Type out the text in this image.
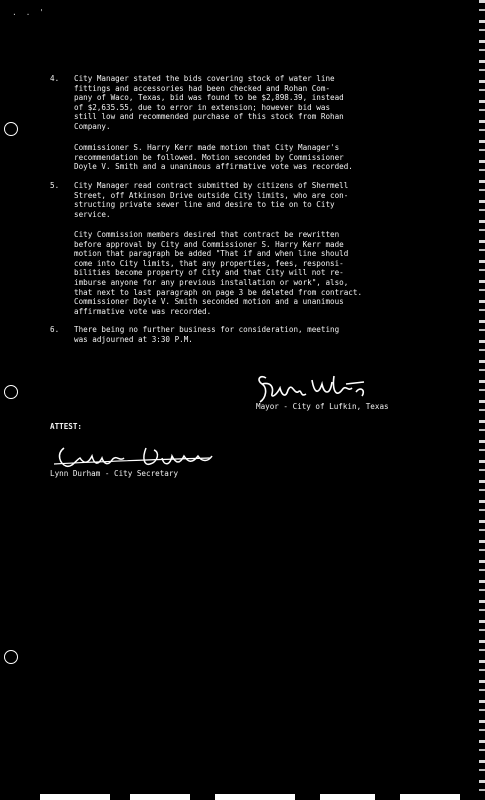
. . '
4. City Manager stated the bids covering stock of water line
fittings and accessories had been checked and Rohan Com-
pany of Waco, Texas, bid was found to be $2,898.39, instead
of $2,635.55, due to error in extension; however bid was
still low and recommended purchase of this stock from Rohan
Company.
Commissioner S. Harry Kerr made motion that City Manager's
recommendation be followed. Motion seconded by Commissioner
Doyle V. Smith and a unanimous affirmative vote was recorded.
5. City Manager read contract submitted by citizens of Shermell
Street, off Atkinson Drive outside City limits, who are con-
structing private sewer line and desire to tie on to City
service.
City Commission members desired that contract be rewritten
before approval by City and Commissioner S. Harry Kerr made
motion that paragraph be added "That if and when line should
come into City limits, that any properties, fees, responsi-
bilities become property of City and that City will not re-
imburse anyone for any previous installation or work", also,
that next to last paragraph on page 3 be deleted from contract.
Commissioner Doyle V. Smith seconded motion and a unanimous
affirmative vote was recorded.
6. There being no further business for consideration, meeting
was adjourned at 3:30 P.M.
Mayor - City of Lufkin, Texas
ATTEST:
Lynn Durham - City Secretary
